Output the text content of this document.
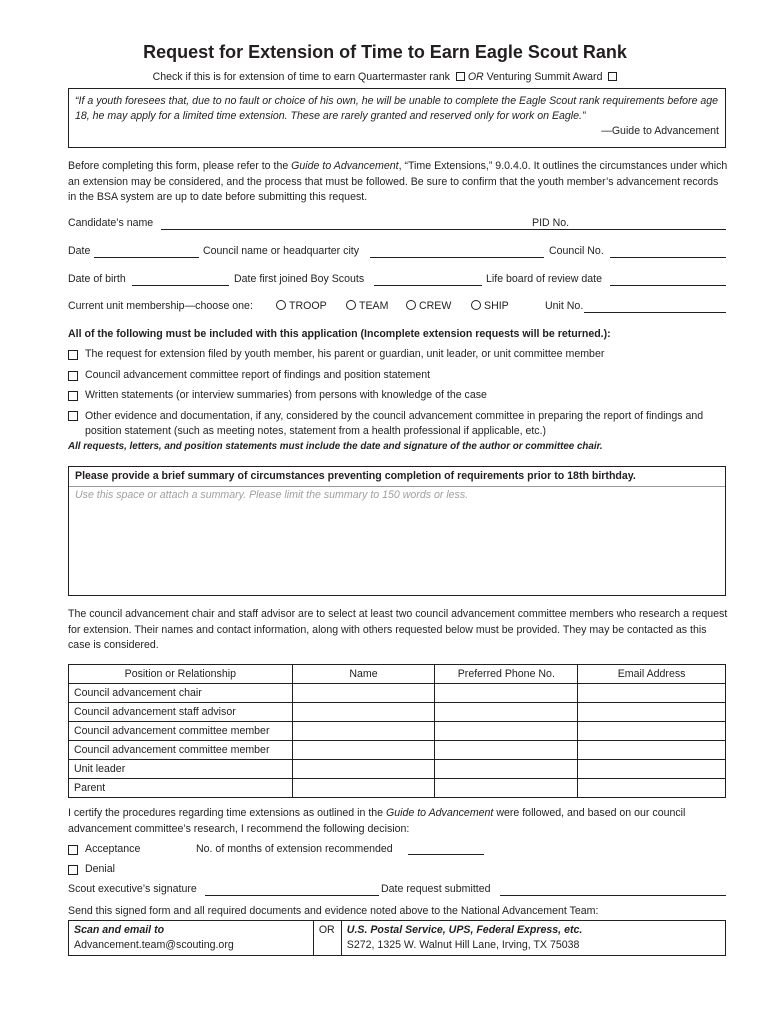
Request for Extension of Time to Earn Eagle Scout Rank
Check if this is for extension of time to earn Quartermaster rank OR Venturing Summit Award
“If a youth foresees that, due to no fault or choice of his own, he will be unable to complete the Eagle Scout rank requirements before age 18, he may apply for a limited time extension. These are rarely granted and reserved only for work on Eagle.”
—Guide to Advancement
Before completing this form, please refer to the Guide to Advancement, “Time Extensions,” 9.0.4.0. It outlines the circumstances under which an extension may be considered, and the process that must be followed. Be sure to confirm that the youth member’s advancement records in the BSA system are up to date before submitting this request.
Candidate’s name	PID No.
Date	Council name or headquarter city	Council No.
Date of birth	Date first joined Boy Scouts	Life board of review date
Current unit membership—choose one:	TROOP	TEAM	CREW	SHIP	Unit No.
All of the following must be included with this application (Incomplete extension requests will be returned.):
The request for extension filed by youth member, his parent or guardian, unit leader, or unit committee member
Council advancement committee report of findings and position statement
Written statements (or interview summaries) from persons with knowledge of the case
Other evidence and documentation, if any, considered by the council advancement committee in preparing the report of findings and position statement (such as meeting notes, statement from a health professional if applicable, etc.)
All requests, letters, and position statements must include the date and signature of the author or committee chair.
Please provide a brief summary of circumstances preventing completion of requirements prior to 18th birthday.
Use this space or attach a summary. Please limit the summary to 150 words or less.
The council advancement chair and staff advisor are to select at least two council advancement committee members who research a request for extension. Their names and contact information, along with others requested below must be provided. They may be contacted as this case is considered.
Position or Relationship	Name	Preferred Phone No.	Email Address
Council advancement chair			
Council advancement staff advisor			
Council advancement committee member			
Council advancement committee member			
Unit leader			
Parent			
I certify the procedures regarding time extensions as outlined in the Guide to Advancement were followed, and based on our council advancement committee’s research, I recommend the following decision:
Acceptance	No. of months of extension recommended
Denial
Scout executive’s signature	Date request submitted
Send this signed form and all required documents and evidence noted above to the National Advancement Team:
Scan and email to
Advancement.team@scouting.org
	OR	U.S. Postal Service, UPS, Federal Express, etc.
S272, 1325 W. Walnut Hill Lane, Irving, TX 75038
